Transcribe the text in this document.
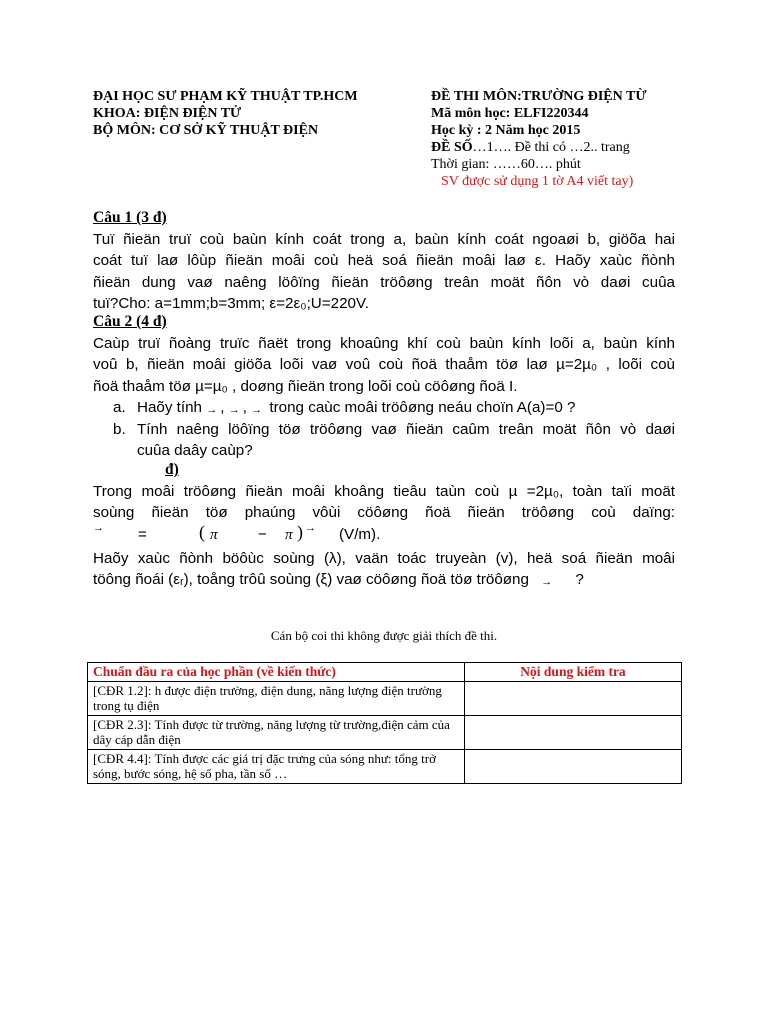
ĐẠI HỌC SƯ PHẠM KỸ THUẬT TP.HCM
KHOA: ĐIỆN ĐIỆN TỬ
BỘ MÔN: CƠ SỞ KỸ THUẬT ĐIỆN
ĐỀ THI MÔN:TRƯỜNG ĐIỆN TỪ
Mã môn học: ELFI220344
Học kỳ : 2 Năm học 2015
ĐỀ SỐ…1…. Đề thi có …2.. trang
Thời gian: ……60…. phút
SV được sử dụng 1 tờ A4 viết tay)
Câu 1 (3 đ)
Tuï ñieän truï coù baùn kính coát trong a, baùn kính coát ngoaøi b, giöõa hai
coát tuï laø lôùp ñieän moâi coù heä soá ñieän moâi laø ε. Haõy xaùc ñònh
ñieän dung vaø naêng löôïng ñieän tröôøng treân moät ñôn vò daøi cuûa
tuï?Cho: a=1mm;b=3mm; ε=2ε₀;U=220V.
Câu 2 (4 đ)
Caùp truï ñoàng truïc ñaët trong khoaûng khí coù baùn kính loõi a, baùn kính
voû b, ñieän moâi giöõa loõi vaø voû coù ñoä thaåm töø laø µ=2µ₀ , loõi coù
ñoä thaåm töø µ=µ₀ , doøng ñieän trong loõi coù cöôøng ñoä I.
a. Haõy tính , ,  trong caùc moâi tröôøng neáu choïn A(a)=0 ?
b. Tính naêng löôïng töø tröôøng vaø ñieän caûm treân moät ñôn vò daøi
cuûa daây caùp?
đ)
Trong moâi tröôøng ñieän moâi khoâng tieâu taùn coù µ =2µ₀, toàn taïi moät
soùng ñieän töø phaúng vôùi cöôøng ñoä ñieän tröôøng coù daïng:
=	( π	− π ) (V/m).
Haõy xaùc ñònh böôùc soùng (λ), vaän toác truyeàn (v), heä soá ñieän moâi
töông ñoái (εᵣ), toång trôû soùng (ξ) vaø cöôøng ñoä töø tröôøng	?
Cán bộ coi thi không được giải thích đề thi.
Chuẩn đầu ra của học phần (về kiến thức)	Nội dung kiểm tra
[CĐR 1.2]: h được điện trường, điện dung, năng lượng điện trường trong tụ điện	
[CĐR 2.3]: Tính được từ trường, năng lượng từ trường,điện cảm của dây cáp dẫn điện	
[CĐR 4.4]: Tính được các giá trị đặc trưng của sóng như: tổng trở sóng, bước sóng, hệ số pha, tần số …	
